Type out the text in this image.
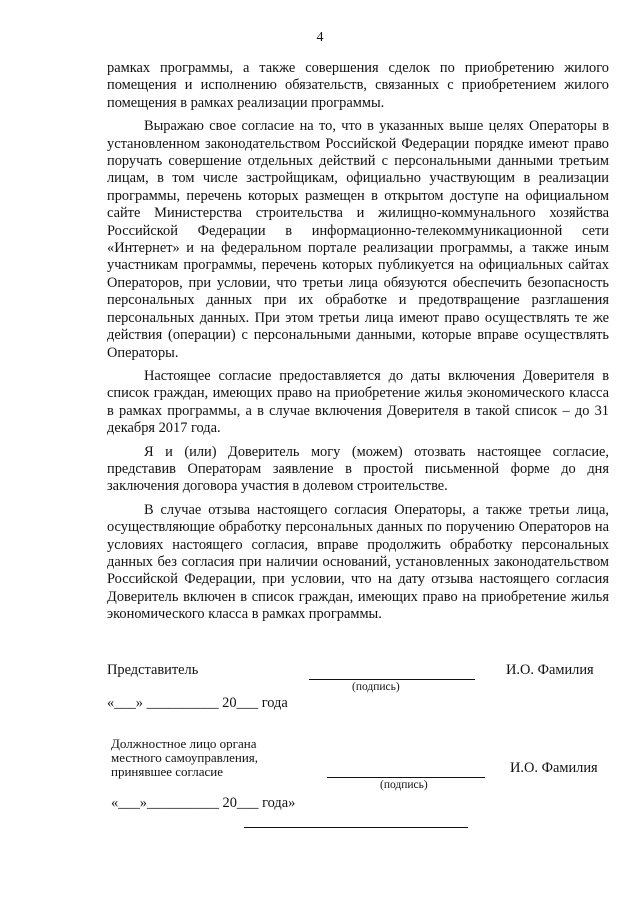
4

рамках программы, а также совершения сделок по приобретению жилого помещения и исполнению обязательств, связанных с приобретением жилого помещения в рамках реализации программы.

Выражаю свое согласие на то, что в указанных выше целях Операторы в установленном законодательством Российской Федерации порядке имеют право поручать совершение отдельных действий с персональными данными третьим лицам, в том числе застройщикам, официально участвующим в реализации программы, перечень которых размещен в открытом доступе на официальном сайте Министерства строительства и жилищно-коммунального хозяйства Российской Федерации в информационно-телекоммуникационной сети «Интернет» и на федеральном портале реализации программы, а также иным участникам программы, перечень которых публикуется на официальных сайтах Операторов, при условии, что третьи лица обязуются обеспечить безопасность персональных данных при их обработке и предотвращение разглашения персональных данных. При этом третьи лица имеют право осуществлять те же действия (операции) с персональными данными, которые вправе осуществлять Операторы.

Настоящее согласие предоставляется до даты включения Доверителя в список граждан, имеющих право на приобретение жилья экономического класса в рамках программы, а в случае включения Доверителя в такой список – до 31 декабря 2017 года.

Я и (или) Доверитель могу (можем) отозвать настоящее согласие, представив Операторам заявление в простой письменной форме до дня заключения договора участия в долевом строительстве.

В случае отзыва настоящего согласия Операторы, а также третьи лица, осуществляющие обработку персональных данных по поручению Операторов на условиях настоящего согласия, вправе продолжить обработку персональных данных без согласия при наличии оснований, установленных законодательством Российской Федерации, при условии, что на дату отзыва настоящего согласия Доверитель включен в список граждан, имеющих право на приобретение жилья экономического класса в рамках программы.

Представитель
(подпись)
И.О. Фамилия
«___» __________ 20___ года
Должностное лицо органа
местного самоуправления,
принявшее согласие
(подпись)
И.О. Фамилия
«___»__________ 20___ года»
